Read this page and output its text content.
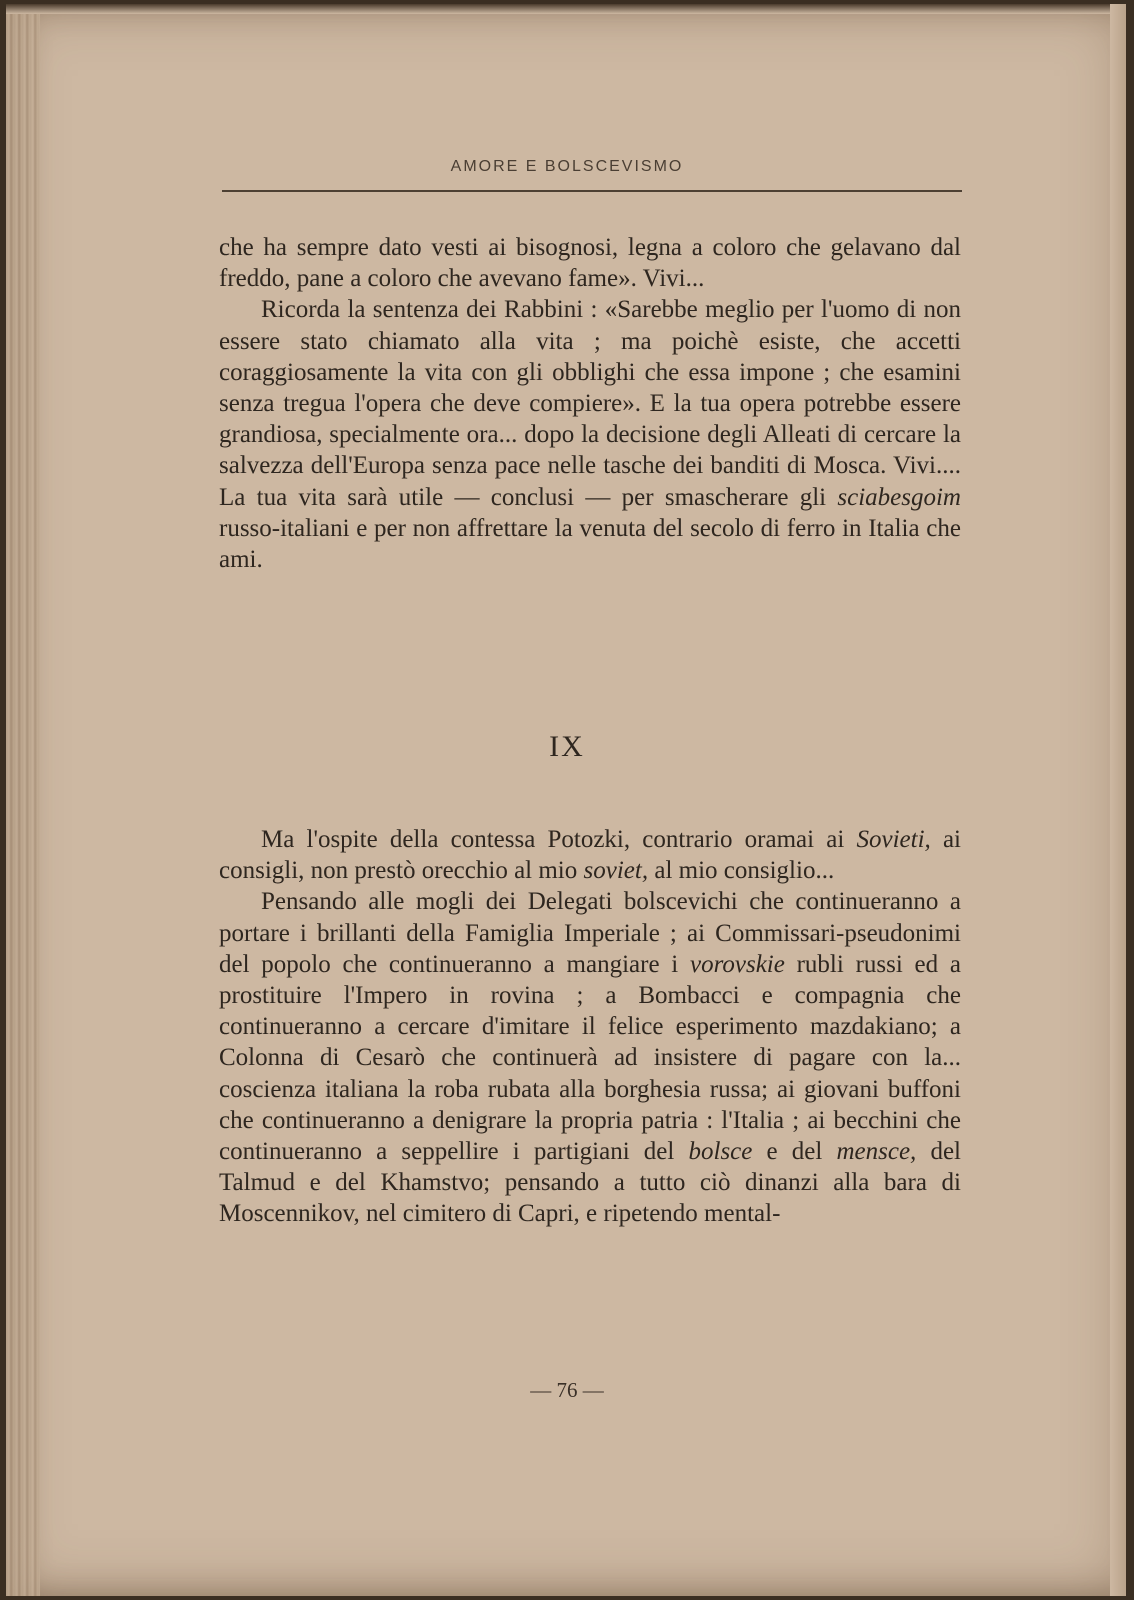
AMORE E BOLSCEVISMO

che ha sempre dato vesti ai bisognosi, legna a coloro che gelavano dal freddo, pane a coloro che avevano fame». Vivi...

Ricorda la sentenza dei Rabbini : «Sarebbe meglio per l'uomo di non essere stato chiamato alla vita ; ma poichè esiste, che accetti coraggiosamente la vita con gli obblighi che essa impone ; che esamini senza tregua l'opera che deve compiere». E la tua opera potrebbe essere grandiosa, specialmente ora... dopo la decisione degli Alleati di cercare la salvezza dell'Europa senza pace nelle tasche dei banditi di Mosca. Vivi.... La tua vita sarà utile — conclusi — per smascherare gli sciabesgoim russo-italiani e per non affrettare la venuta del secolo di ferro in Italia che ami.

IX

Ma l'ospite della contessa Potozki, contrario oramai ai Sovieti, ai consigli, non prestò orecchio al mio soviet, al mio consiglio...

Pensando alle mogli dei Delegati bolscevichi che continueranno a portare i brillanti della Famiglia Imperiale ; ai Commissari-pseudonimi del popolo che continueranno a mangiare i vorovskie rubli russi ed a prostituire l'Impero in rovina ; a Bombacci e compagnia che continueranno a cercare d'imitare il felice esperimento mazdakiano; a Colonna di Cesarò che continuerà ad insistere di pagare con la... coscienza italiana la roba rubata alla borghesia russa; ai giovani buffoni che continueranno a denigrare la propria patria : l'Italia ; ai becchini che continueranno a seppellire i partigiani del bolsce e del mensce, del Talmud e del Khamstvo; pensando a tutto ciò dinanzi alla bara di Moscennikov, nel cimitero di Capri, e ripetendo mental-

— 76 —
